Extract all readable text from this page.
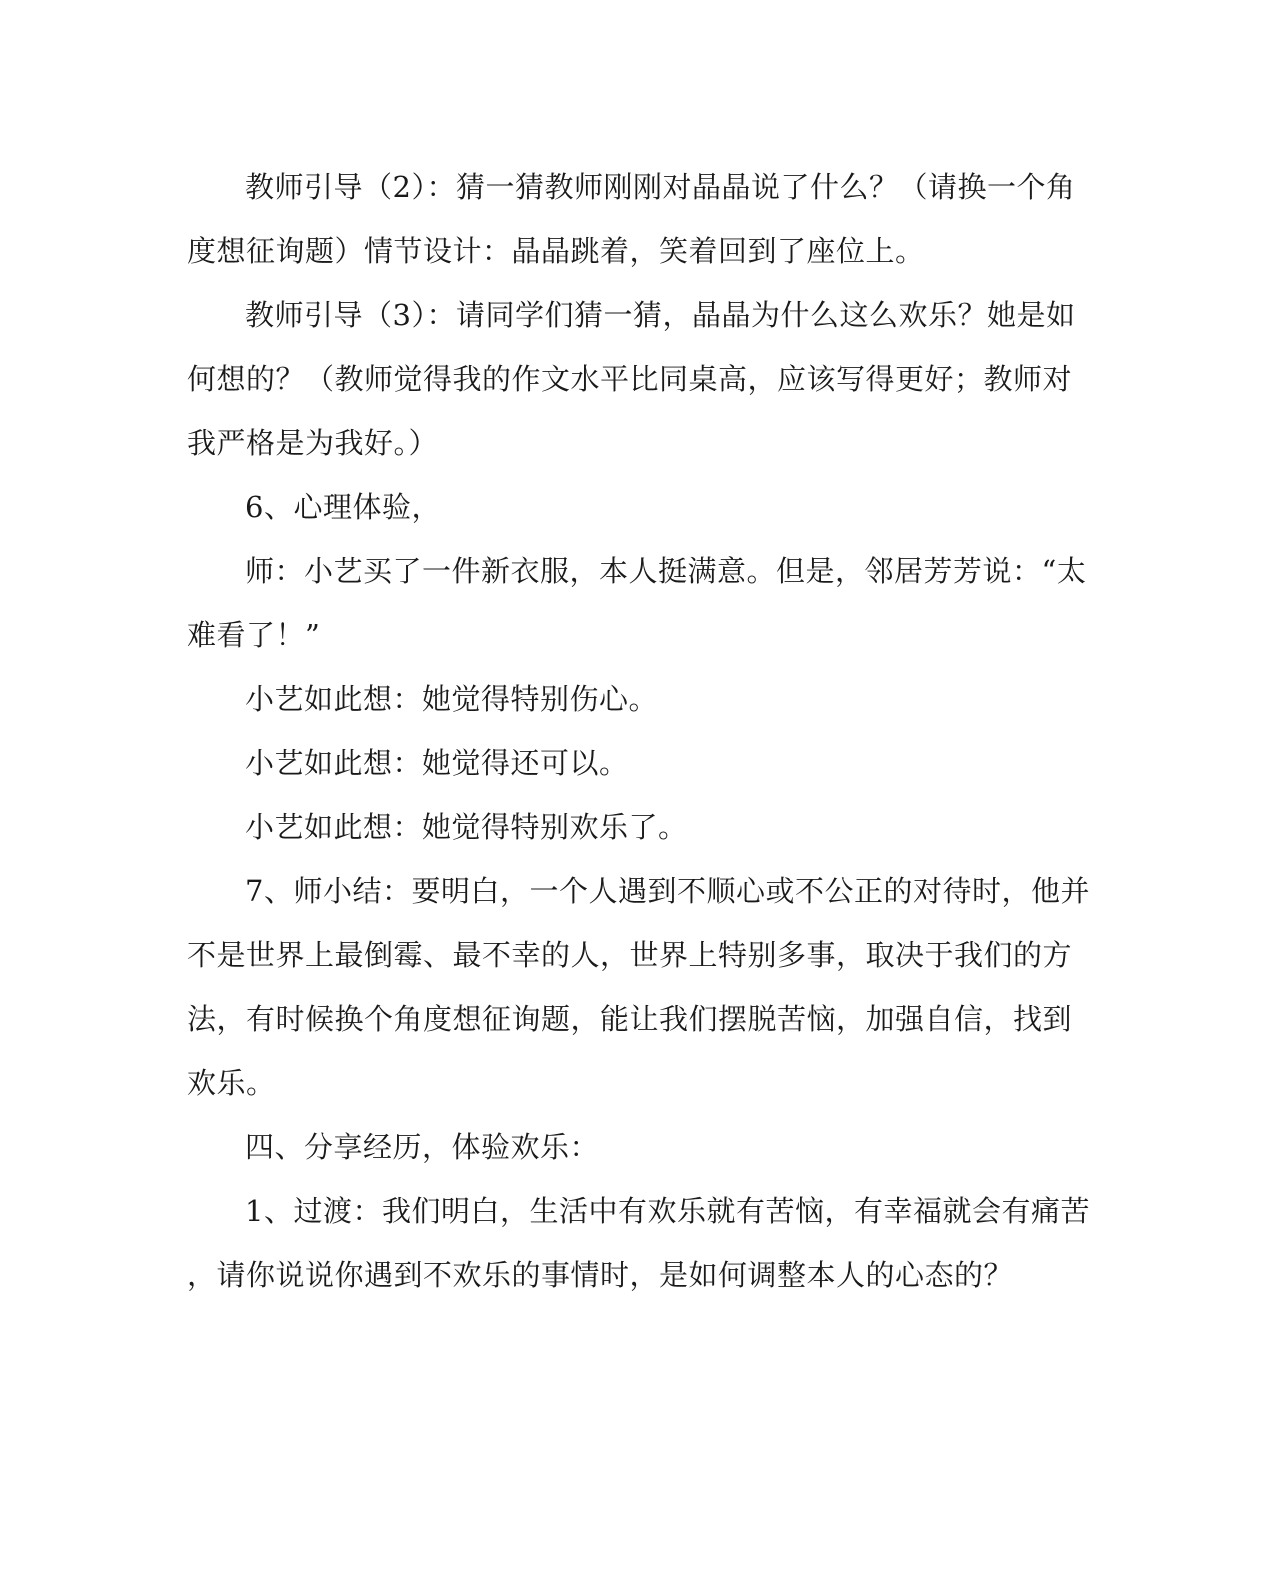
教师引导（2）：猜一猜教师刚刚对晶晶说了什么？（请换一个角
度想征询题）情节设计：晶晶跳着，笑着回到了座位上。
教师引导（3）：请同学们猜一猜，晶晶为什么这么欢乐？她是如
何想的？（教师觉得我的作文水平比同桌高，应该写得更好；教师对
我严格是为我好。）
6、心理体验，
师：小艺买了一件新衣服，本人挺满意。但是，邻居芳芳说：“太
难看了！”
小艺如此想：她觉得特别伤心。
小艺如此想：她觉得还可以。
小艺如此想：她觉得特别欢乐了。
7、师小结：要明白，一个人遇到不顺心或不公正的对待时，他并
不是世界上最倒霉、最不幸的人，世界上特别多事，取决于我们的方
法，有时候换个角度想征询题，能让我们摆脱苦恼，加强自信，找到
欢乐。
四、分享经历，体验欢乐：
1、过渡：我们明白，生活中有欢乐就有苦恼，有幸福就会有痛苦
，请你说说你遇到不欢乐的事情时，是如何调整本人的心态的？
